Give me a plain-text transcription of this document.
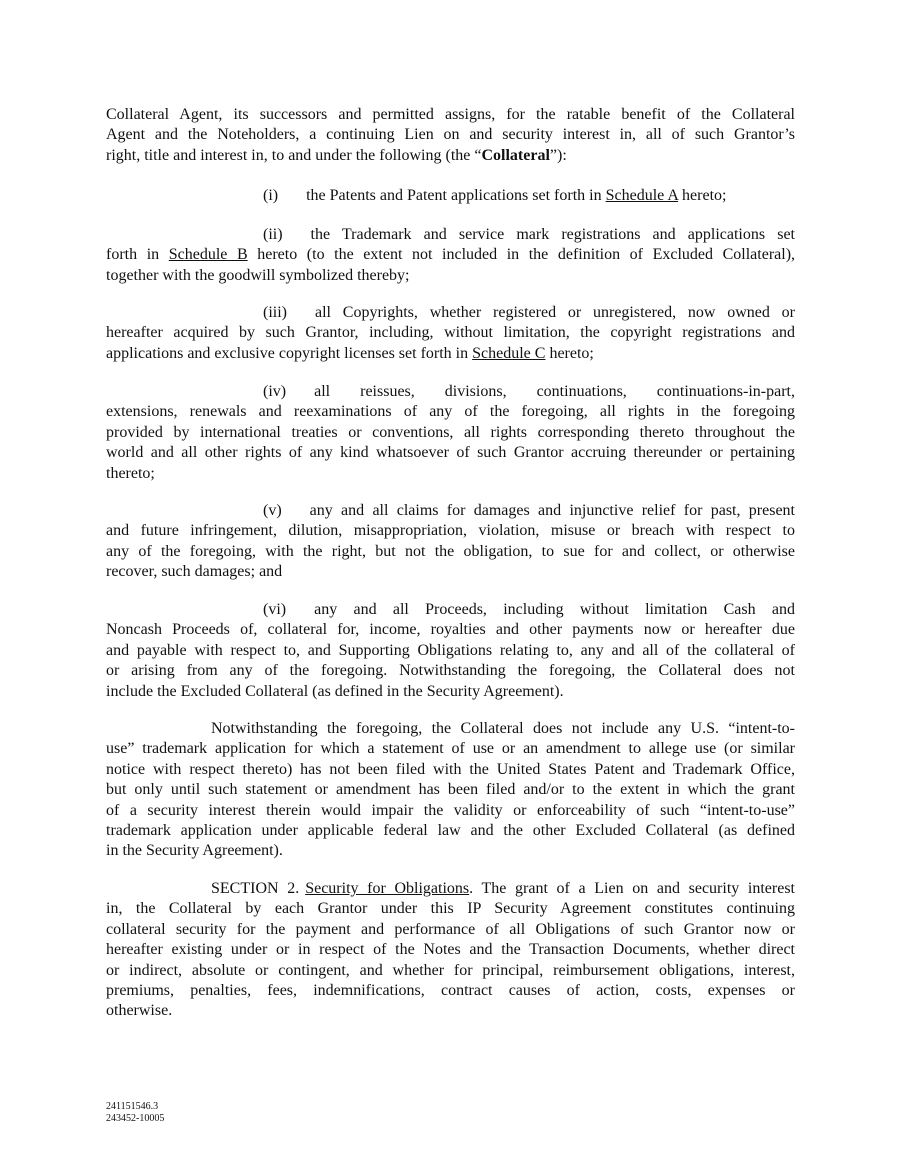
Collateral Agent, its successors and permitted assigns, for the ratable benefit of the Collateral
Agent and the Noteholders, a continuing Lien on and security interest in, all of such Grantor’s
right, title and interest in, to and under the following (the “Collateral”):

(i) the Patents and Patent applications set forth in Schedule A hereto;

(ii) the Trademark and service mark registrations and applications set
forth in Schedule B hereto (to the extent not included in the definition of Excluded Collateral),
together with the goodwill symbolized thereby;

(iii) all Copyrights, whether registered or unregistered, now owned or
hereafter acquired by such Grantor, including, without limitation, the copyright registrations and
applications and exclusive copyright licenses set forth in Schedule C hereto;

(iv) all reissues, divisions, continuations, continuations-in-part,
extensions, renewals and reexaminations of any of the foregoing, all rights in the foregoing
provided by international treaties or conventions, all rights corresponding thereto throughout the
world and all other rights of any kind whatsoever of such Grantor accruing thereunder or pertaining
thereto;

(v) any and all claims for damages and injunctive relief for past, present
and future infringement, dilution, misappropriation, violation, misuse or breach with respect to
any of the foregoing, with the right, but not the obligation, to sue for and collect, or otherwise
recover, such damages; and

(vi) any and all Proceeds, including without limitation Cash and
Noncash Proceeds of, collateral for, income, royalties and other payments now or hereafter due
and payable with respect to, and Supporting Obligations relating to, any and all of the collateral of
or arising from any of the foregoing. Notwithstanding the foregoing, the Collateral does not
include the Excluded Collateral (as defined in the Security Agreement).

Notwithstanding the foregoing, the Collateral does not include any U.S. “intent-to-
use” trademark application for which a statement of use or an amendment to allege use (or similar
notice with respect thereto) has not been filed with the United States Patent and Trademark Office,
but only until such statement or amendment has been filed and/or to the extent in which the grant
of a security interest therein would impair the validity or enforceability of such “intent-to-use”
trademark application under applicable federal law and the other Excluded Collateral (as defined
in the Security Agreement).

SECTION 2. Security for Obligations. The grant of a Lien on and security interest
in, the Collateral by each Grantor under this IP Security Agreement constitutes continuing
collateral security for the payment and performance of all Obligations of such Grantor now or
hereafter existing under or in respect of the Notes and the Transaction Documents, whether direct
or indirect, absolute or contingent, and whether for principal, reimbursement obligations, interest,
premiums, penalties, fees, indemnifications, contract causes of action, costs, expenses or
otherwise.

241151546.3
243452-10005
